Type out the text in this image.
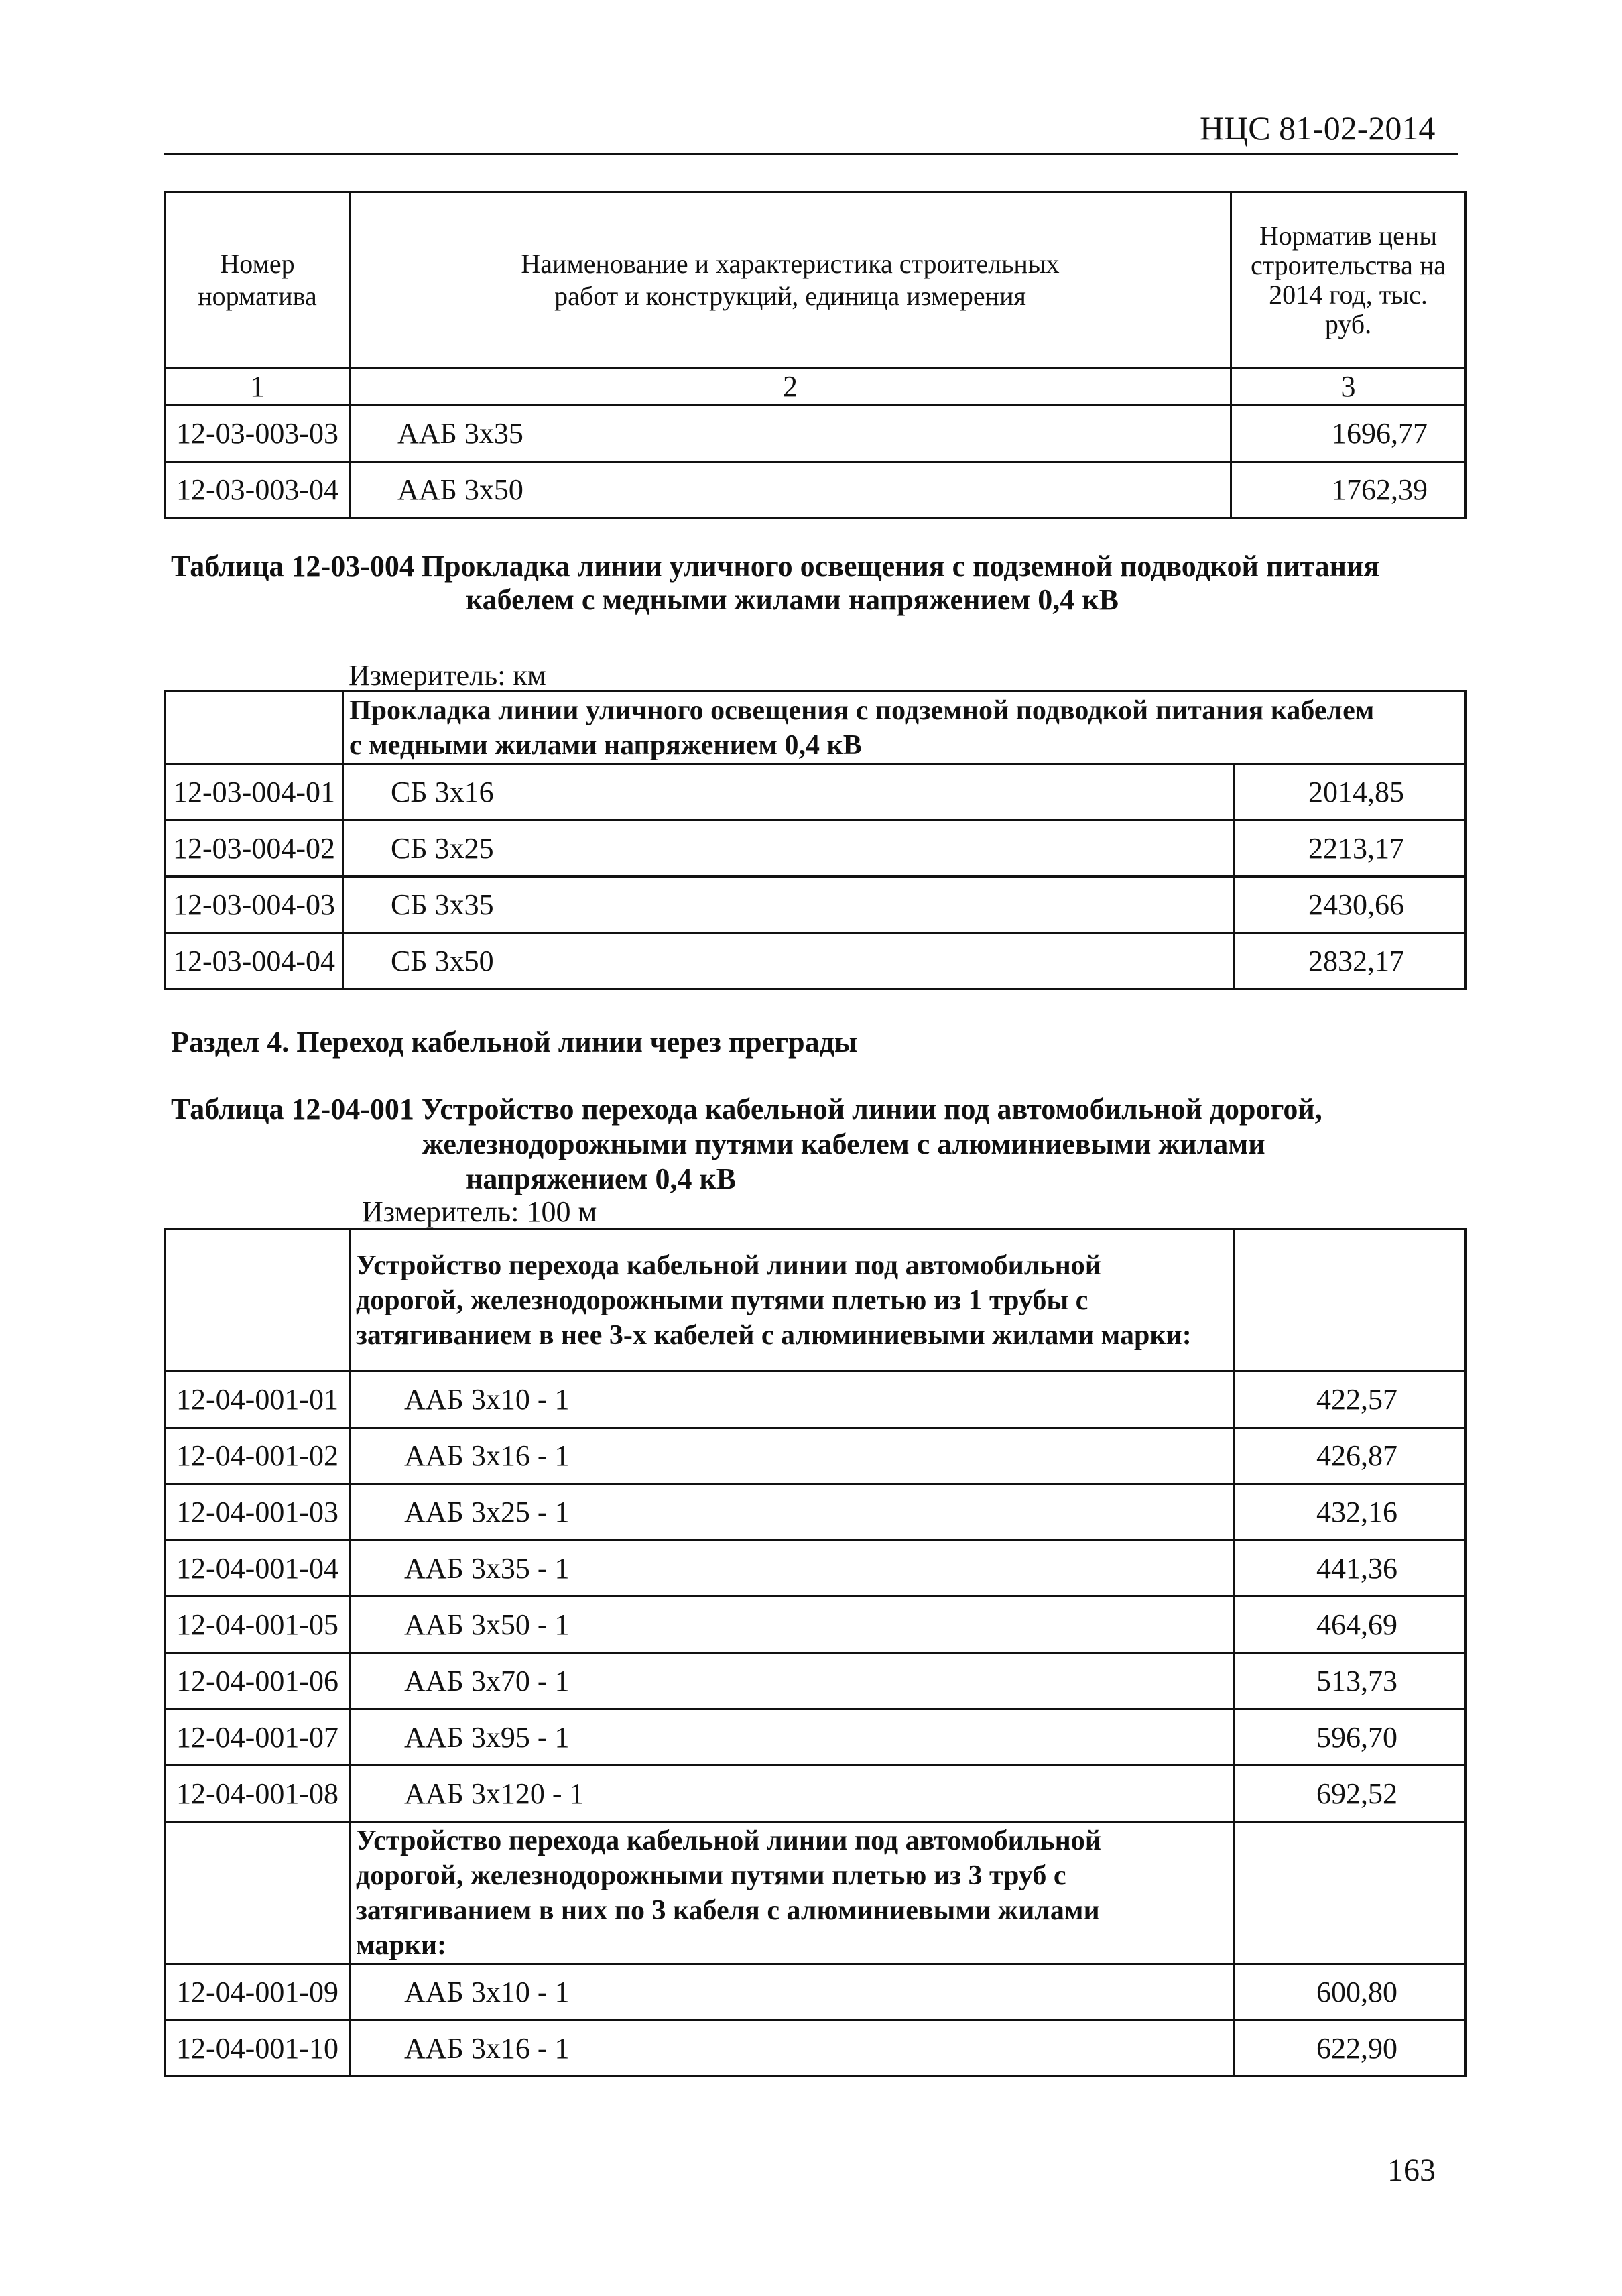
НЦС 81-02-2014
Номер норматива	Наименование и характеристика строительных работ и конструкций, единица измерения	Норматив цены строительства на 2014 год, тыс. руб.
1	2	3
12-03-003-03	ААБ 3х35	1696,77
12-03-003-04	ААБ 3х50	1762,39
Таблица 12-03-004 Прокладка линии уличного освещения с подземной подводкой питания
кабелем с медными жилами напряжением 0,4 кВ
Измеритель: км
	Прокладка линии уличного освещения с подземной подводкой питания кабелем с медными жилами напряжением 0,4 кВ	
12-03-004-01	СБ 3х16	2014,85
12-03-004-02	СБ 3х25	2213,17
12-03-004-03	СБ 3х35	2430,66
12-03-004-04	СБ 3х50	2832,17
Раздел 4. Переход кабельной линии через преграды
Таблица 12-04-001 Устройство перехода кабельной линии под автомобильной дорогой,
железнодорожными путями кабелем с алюминиевыми жилами
напряжением 0,4 кВ
Измеритель: 100 м
	Устройство перехода кабельной линии под автомобильной дорогой, железнодорожными путями плетью из 1 трубы с затягиванием в нее 3-х кабелей с алюминиевыми жилами марки:	
12-04-001-01	ААБ 3х10 - 1	422,57
12-04-001-02	ААБ 3х16 - 1	426,87
12-04-001-03	ААБ 3х25 - 1	432,16
12-04-001-04	ААБ 3х35 - 1	441,36
12-04-001-05	ААБ 3х50 - 1	464,69
12-04-001-06	ААБ 3х70 - 1	513,73
12-04-001-07	ААБ 3х95 - 1	596,70
12-04-001-08	ААБ 3х120 - 1	692,52
	Устройство перехода кабельной линии под автомобильной дорогой, железнодорожными путями плетью из 3 труб с затягиванием в них по 3 кабеля с алюминиевыми жилами марки:	
12-04-001-09	ААБ 3х10 - 1	600,80
12-04-001-10	ААБ 3х16 - 1	622,90
163
